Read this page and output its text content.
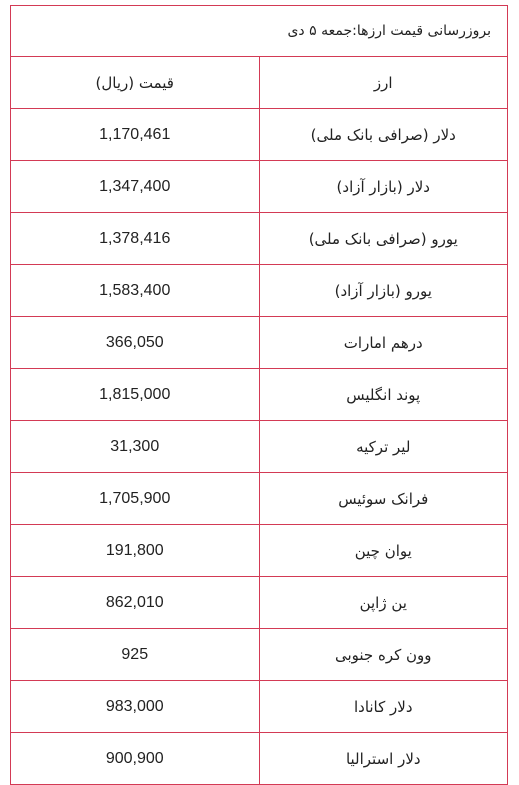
بروزرسانی قیمت ارزها:جمعه ۵ دی	
ارز	قیمت (ریال)
دلار (صرافی بانک ملی)	1,170,461
دلار (بازار آزاد)	1,347,400
یورو (صرافی بانک ملی)	1,378,416
یورو (بازار آزاد)	1,583,400
درهم امارات	366,050
پوند انگلیس	1,815,000
لیر ترکیه	31,300
فرانک سوئیس	1,705,900
یوان چین	191,800
ین ژاپن	862,010
وون کره جنوبی	925
دلار کانادا	983,000
دلار استرالیا	900,900
